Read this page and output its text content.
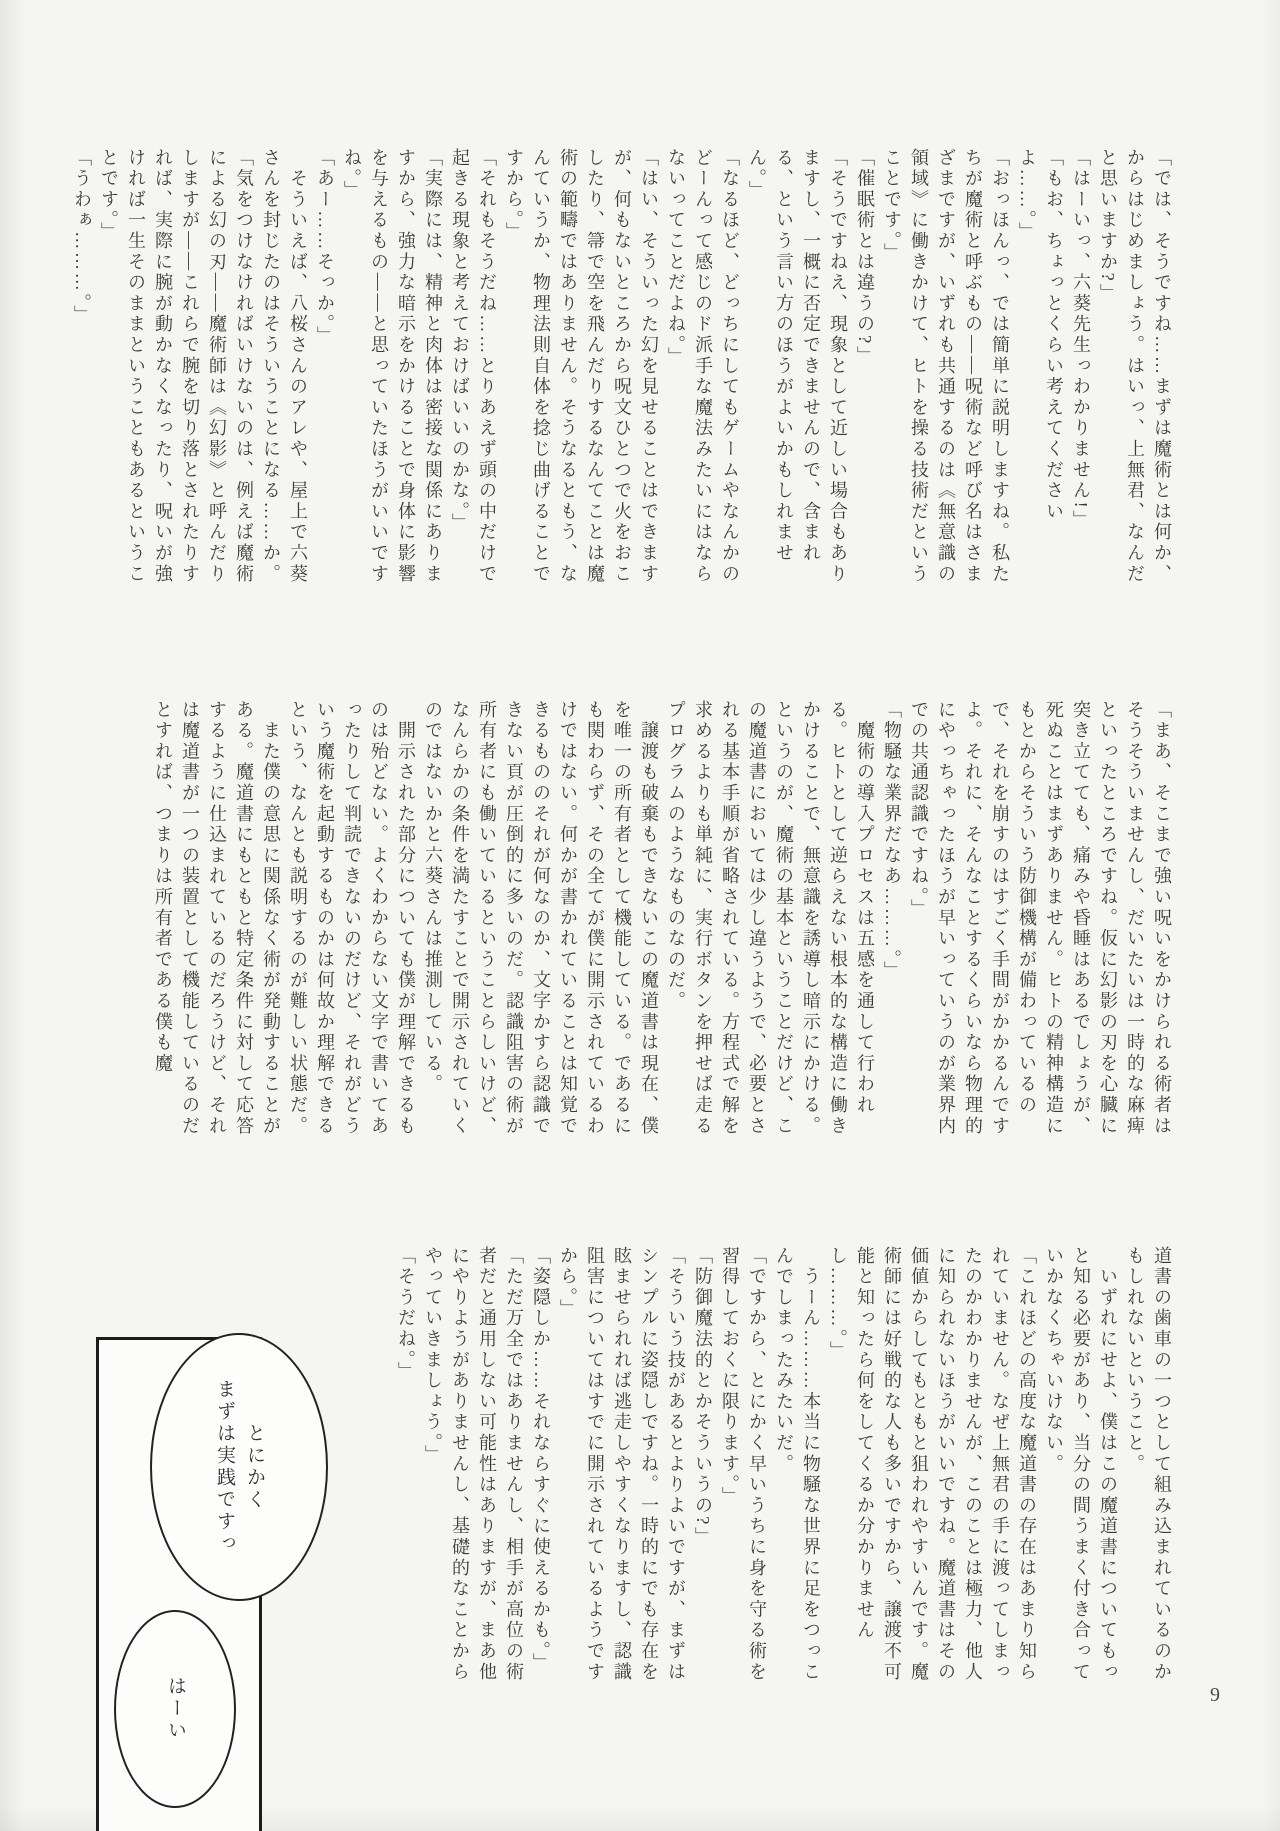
「では、そうですね……まずは魔術とは何か、からはじめましょう。はいっ、上無君、なんだと思いますか?」

「はーいっ、六葵先生っわかりません!」

「もお、ちょっとくらい考えてくださいよ……。」

「おっほんっ、では簡単に説明しますね。私たちが魔術と呼ぶもの――呪術など呼び名はさまざまですが、いずれも共通するのは《無意識の領域》に働きかけて、ヒトを操る技術だということです。」

「催眠術とは違うの?」

「そうですねえ、現象として近しい場合もありますし、一概に否定できませんので、含まれる、という言い方のほうがよいかもしれません。」

「なるほど、どっちにしてもゲームやなんかのどーんって感じのド派手な魔法みたいにはならないってことだよね。」

「はい、そういった幻を見せることはできますが、何もないところから呪文ひとつで火をおこしたり、箒で空を飛んだりするなんてことは魔術の範疇ではありません。そうなるともう、なんていうか、物理法則自体を捻じ曲げることですから。」

「それもそうだね……とりあえず頭の中だけで起きる現象と考えておけばいいのかな。」

「実際には、精神と肉体は密接な関係にありますから、強力な暗示をかけることで身体に影響を与えるもの――と思っていたほうがいいですね。」

「あー……そっか。」

　そういえば、八桜さんのアレや、屋上で六葵さんを封じたのはそういうことになる……か。

「気をつけなければいけないのは、例えば魔術による幻の刃――魔術師は《幻影》と呼んだりしますが――これらで腕を切り落とされたりすれば、実際に腕が動かなくなったり、呪いが強ければ一生そのままということもあるということです。」

「うわぁ………。」

「まあ、そこまで強い呪いをかけられる術者はそうそういませんし、だいたいは一時的な麻痺といったところですね。仮に幻影の刃を心臓に突き立てても、痛みや昏睡はあるでしょうが、死ぬことはまずありません。ヒトの精神構造にもとからそういう防御機構が備わっているので、それを崩すのはすごく手間がかかるんですよ。それに、そんなことするくらいなら物理的にやっちゃったほうが早いっていうのが業界内での共通認識ですね。」

「物騒な業界だなあ………。」

　魔術の導入プロセスは五感を通して行われる。ヒトとして逆らえない根本的な構造に働きかけることで、無意識を誘導し暗示にかける。というのが、魔術の基本ということだけど、この魔道書においては少し違うようで、必要とされる基本手順が省略されている。方程式で解を求めるよりも単純に、実行ボタンを押せば走るプログラムのようなものなのだ。

　譲渡も破棄もできないこの魔道書は現在、僕を唯一の所有者として機能している。であるにも関わらず、その全てが僕に開示されているわけではない。何かが書かれていることは知覚できるもののそれが何なのか、文字かすら認識できない頁が圧倒的に多いのだ。認識阻害の術が所有者にも働いているということらしいけど、なんらかの条件を満たすことで開示されていくのではないかと六葵さんは推測している。

　開示された部分についても僕が理解できるものは殆どない。よくわからない文字で書いてあったりして判読できないのだけど、それがどういう魔術を起動するものかは何故か理解できるという、なんとも説明するのが難しい状態だ。

　また僕の意思に関係なく術が発動することがある。魔道書にもともと特定条件に対して応答するように仕込まれているのだろうけど、それは魔道書が一つの装置として機能しているのだとすれば、つまりは所有者である僕も魔

道書の歯車の一つとして組み込まれているのかもしれないということ。

　いずれにせよ、僕はこの魔道書についてもっと知る必要があり、当分の間うまく付き合っていかなくちゃいけない。

「これほどの高度な魔道書の存在はあまり知られていません。なぜ上無君の手に渡ってしまったのかわかりませんが、このことは極力、他人に知られないほうがいいですね。魔道書はその価値からしてもともと狙われやすいんです。魔術師には好戦的な人も多いですから、譲渡不可能と知ったら何をしてくるか分かりませんし………。」

　うーん………本当に物騒な世界に足をつっこんでしまったみたいだ。

「ですから、とにかく早いうちに身を守る術を習得しておくに限ります。」

「防御魔法的とかそういうの?」

「そういう技があるとよりよいですが、まずはシンプルに姿隠しですね。一時的にでも存在を眩ませられれば逃走しやすくなりますし、認識阻害についてはすでに開示されているようですから。」

「姿隠しか……それならすぐに使えるかも。」

「ただ万全ではありませんし、相手が高位の術者だと通用しない可能性はありますが、まあ他にやりようがありませんし、基礎的なことからやっていきましょう。」

「そうだね。」

とにかく

まずは実践ですっ

はーい	9
